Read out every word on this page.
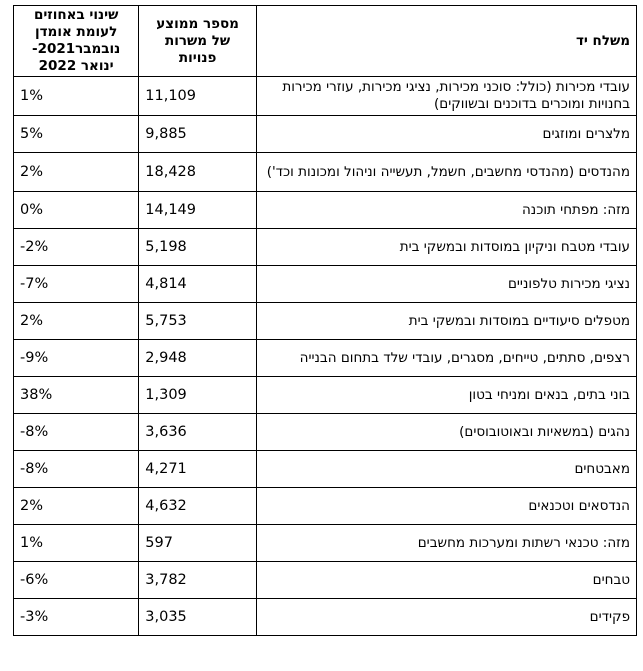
משלח יד	מספר ממוצע של משרות פנויות	שינוי באחוזים לעומת אומדן נובמבר2021-ינואר 2022
עובדי מכירות (כולל: סוכני מכירות, נציגי מכירות, עוזרי מכירות בחנויות ומוכרים בדוכנים ובשווקים)	11,109	1%

מלצרים ומוזגים	9,885	5%

מהנדסים (מהנדסי מחשבים, חשמל, תעשייה וניהול ומכונות וכד')	18,428	2%

מזה: מפתחי תוכנה	14,149	0%

עובדי מטבח וניקיון במוסדות ובמשקי בית	5,198	-2%

נציגי מכירות טלפוניים	4,814	-7%

מטפלים סיעודיים במוסדות ובמשקי בית	5,753	2%

רצפים, סתתים, טייחים, מסגרים, עובדי שלד בתחום הבנייה	2,948	-9%

בוני בתים, בנאים ומניחי בטון	1,309	38%

נהגים (במשאיות ובאוטובוסים)	3,636	-8%

מאבטחים	4,271	-8%

הנדסאים וטכנאים	4,632	2%

מזה: טכנאי רשתות ומערכות מחשבים	597	1%

טבחים	3,782	-6%

פקידים	3,035	-3%
